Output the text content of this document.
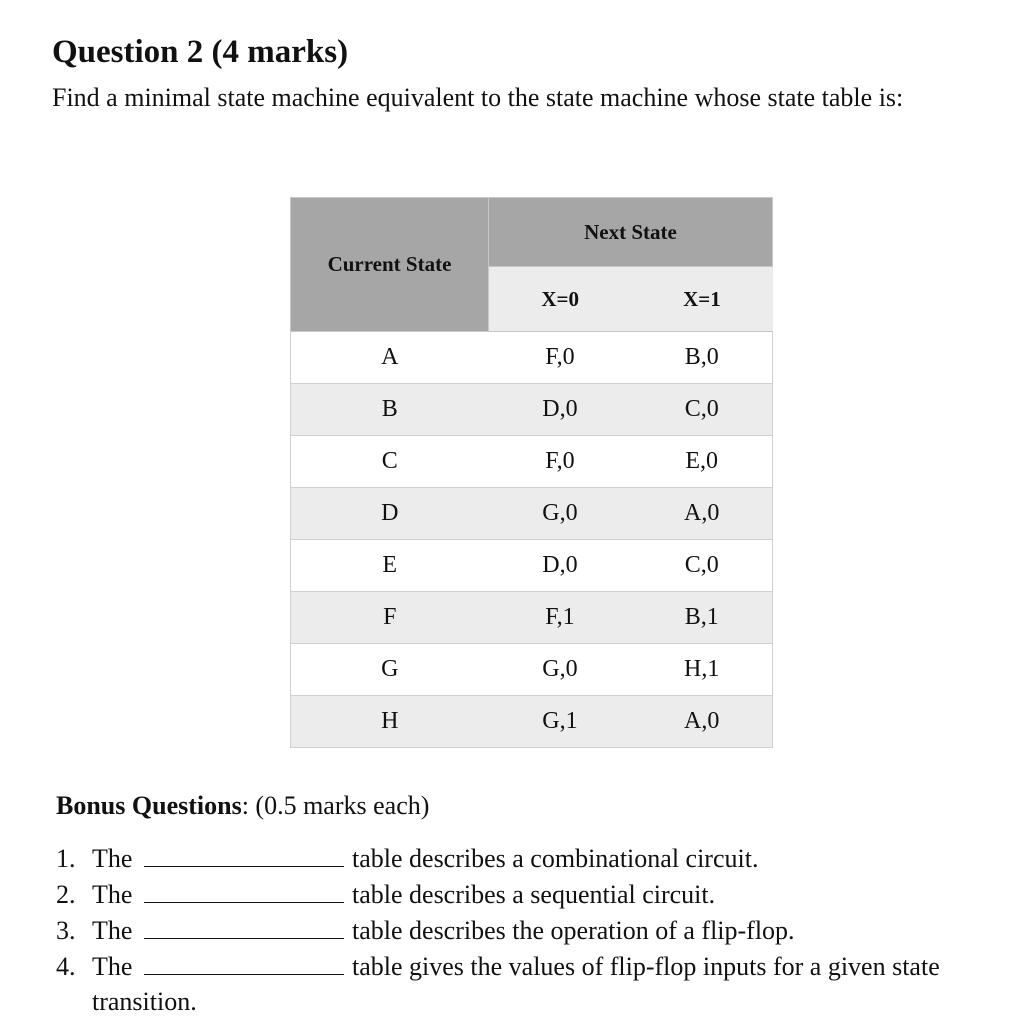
Question 2 (4 marks)

Find a minimal state machine equivalent to the state machine whose state table is:

Current State	Next State	
	X=0	X=1
A	F,0	B,0
B	D,0	C,0
C	F,0	E,0
D	G,0	A,0
E	D,0	C,0
F	F,1	B,1
G	G,0	H,1
H	G,1	A,0
Bonus Questions: (0.5 marks each)
1. The	table describes a combinational circuit.
2. The	table describes a sequential circuit.
3. The	table describes the operation of a flip-flop.
4. The	table gives the values of flip-flop inputs for a given state
transition.
